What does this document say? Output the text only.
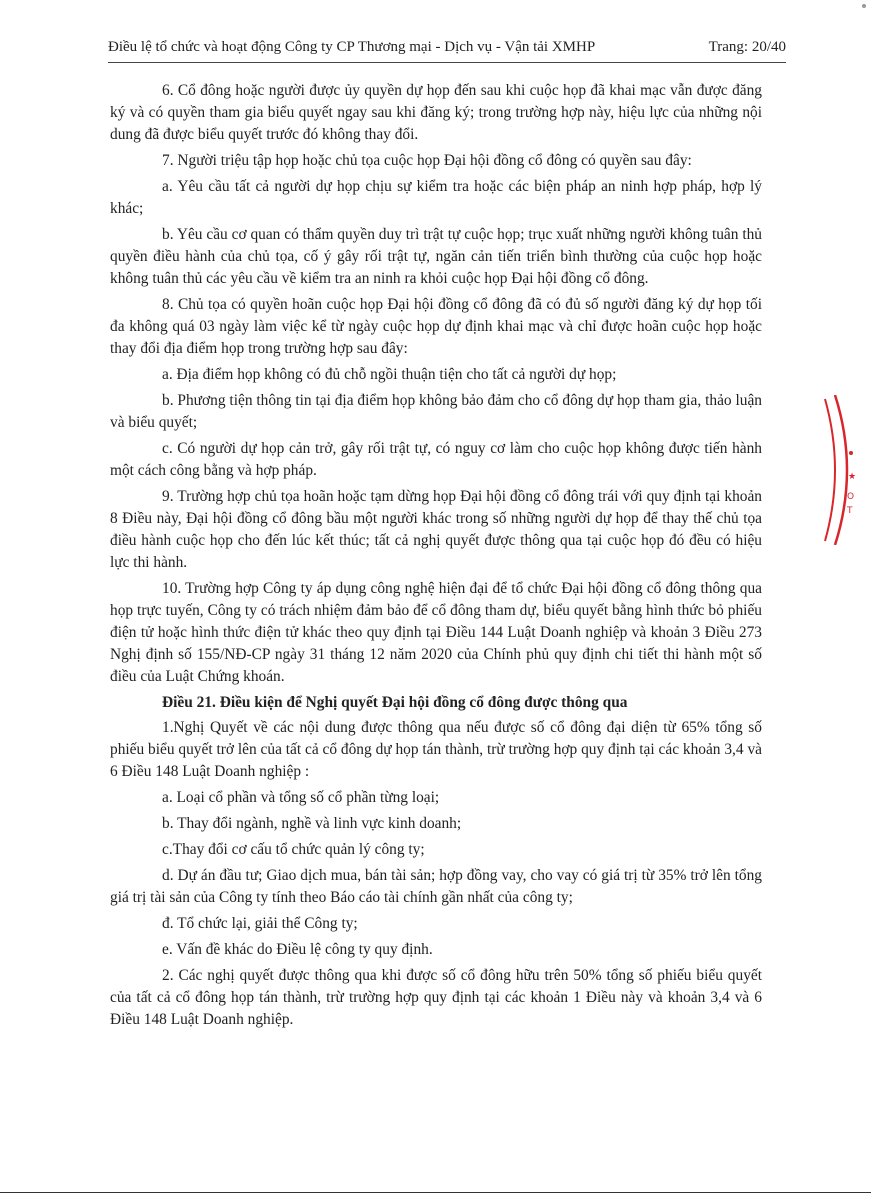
Điều lệ tổ chức và hoạt động Công ty CP Thương mại - Dịch vụ - Vận tải XMHP	Trang: 20/40

6. Cổ đông hoặc người được ủy quyền dự họp đến sau khi cuộc họp đã khai mạc vẫn được đăng ký và có quyền tham gia biểu quyết ngay sau khi đăng ký; trong trường hợp này, hiệu lực của những nội dung đã được biểu quyết trước đó không thay đổi.

7. Người triệu tập họp hoặc chủ tọa cuộc họp Đại hội đồng cổ đông có quyền sau đây:

a. Yêu cầu tất cả người dự họp chịu sự kiểm tra hoặc các biện pháp an ninh hợp pháp, hợp lý khác;

b. Yêu cầu cơ quan có thẩm quyền duy trì trật tự cuộc họp; trục xuất những người không tuân thủ quyền điều hành của chủ tọa, cố ý gây rối trật tự, ngăn cản tiến triển bình thường của cuộc họp hoặc không tuân thủ các yêu cầu về kiểm tra an ninh ra khỏi cuộc họp Đại hội đồng cổ đông.

8. Chủ tọa có quyền hoãn cuộc họp Đại hội đồng cổ đông đã có đủ số người đăng ký dự họp tối đa không quá 03 ngày làm việc kể từ ngày cuộc họp dự định khai mạc và chỉ được hoãn cuộc họp hoặc thay đổi địa điểm họp trong trường hợp sau đây:

a. Địa điểm họp không có đủ chỗ ngồi thuận tiện cho tất cả người dự họp;

b. Phương tiện thông tin tại địa điểm họp không bảo đảm cho cổ đông dự họp tham gia, thảo luận và biểu quyết;

c. Có người dự họp cản trở, gây rối trật tự, có nguy cơ làm cho cuộc họp không được tiến hành một cách công bằng và hợp pháp.

9. Trường hợp chủ tọa hoãn hoặc tạm dừng họp Đại hội đồng cổ đông trái với quy định tại khoản 8 Điều này, Đại hội đồng cổ đông bầu một người khác trong số những người dự họp để thay thế chủ tọa điều hành cuộc họp cho đến lúc kết thúc; tất cả nghị quyết được thông qua tại cuộc họp đó đều có hiệu lực thi hành.

10. Trường hợp Công ty áp dụng công nghệ hiện đại để tổ chức Đại hội đồng cổ đông thông qua họp trực tuyến, Công ty có trách nhiệm đảm bảo để cổ đông tham dự, biểu quyết bằng hình thức bỏ phiếu điện tử hoặc hình thức điện tử khác theo quy định tại Điều 144 Luật Doanh nghiệp và khoản 3 Điều 273 Nghị định số 155/NĐ-CP ngày 31 tháng 12 năm 2020 của Chính phủ quy định chi tiết thi hành một số điều của Luật Chứng khoán.

Điều 21. Điều kiện để Nghị quyết Đại hội đồng cổ đông được thông qua

1.Nghị Quyết về các nội dung được thông qua nếu được số cổ đông đại diện từ 65% tổng số phiếu biểu quyết trở lên của tất cả cổ đông dự họp tán thành, trừ trường hợp quy định tại các khoản 3,4 và 6 Điều 148 Luật Doanh nghiệp :

a. Loại cổ phần và tổng số cổ phần từng loại;

b. Thay đổi ngành, nghề và linh vực kinh doanh;

c.Thay đổi cơ cấu tổ chức quản lý công ty;

d. Dự án đầu tư; Giao dịch mua, bán tài sản; hợp đồng vay, cho vay có giá trị từ 35% trở lên tổng giá trị tài sản của Công ty tính theo Báo cáo tài chính gần nhất của công ty;

đ. Tổ chức lại, giải thể Công ty;

e. Vấn đề khác do Điều lệ công ty quy định.

2. Các nghị quyết được thông qua khi được số cổ đông hữu trên 50% tổng số phiếu biểu quyết của tất cả cổ đông họp tán thành, trừ trường hợp quy định tại các khoản 1 Điều này và khoản 3,4 và 6 Điều 148 Luật Doanh nghiệp.

★
O
T
